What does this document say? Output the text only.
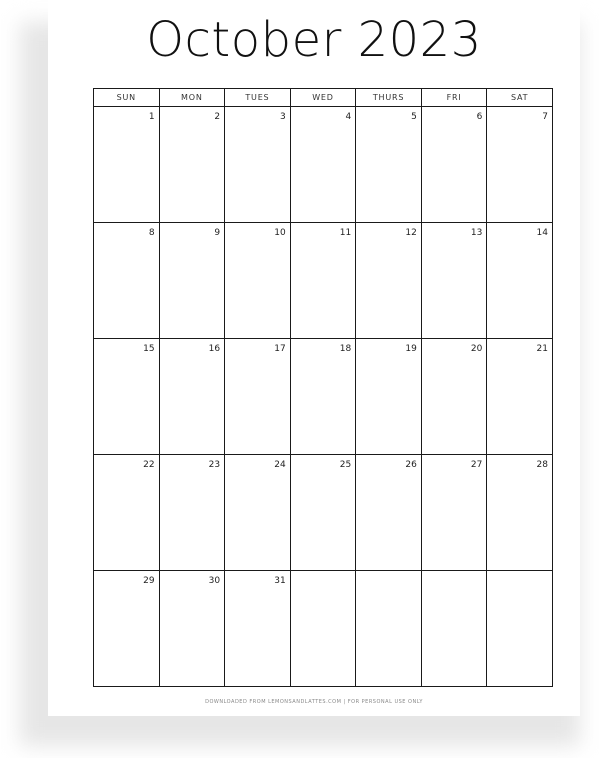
October 2023
SUN	MON	TUES	WED	THURS	FRI	SAT

1	2	3	4	5	6	7

8	9	10	11	12	13	14

15	16	17	18	19	20	21

22	23	24	25	26	27	28

29	30	31				

DOWNLOADED FROM LEMONSANDLATTES.COM | FOR PERSONAL USE ONLY
